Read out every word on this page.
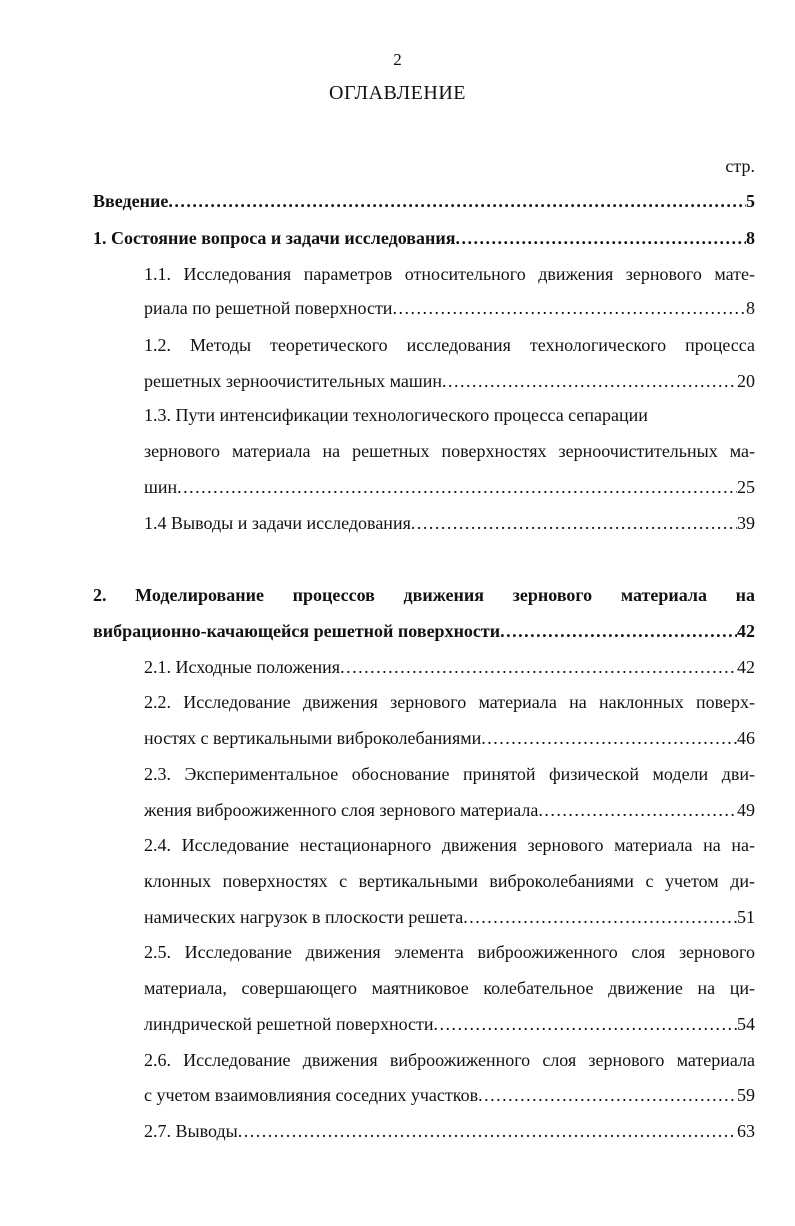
2
ОГЛАВЛЕНИЕ
стр.
Введение . . .	5
1. Состояние вопроса и задачи исследования . . .	8
1.1. Исследования параметров относительного движения зернового мате-
риала по решетной поверхности . . .	8
1.2. Методы теоретического исследования технологического процесса
решетных зерноочистительных машин . . .	20
1.3. Пути интенсификации технологического процесса сепарации
зернового материала на решетных поверхностях зерноочистительных ма-
шин . . .	25
1.4 Выводы и задачи исследования . . .	39
2. Моделирование процессов движения зернового материала на
вибрационно-качающейся решетной поверхности . . .	42
2.1. Исходные положения . . .	42
2.2. Исследование движения зернового материала на наклонных поверх-
ностях с вертикальными виброколебаниями . . .	46
2.3. Экспериментальное обоснование принятой физической модели дви-
жения виброожиженного слоя зернового материала . . .	49
2.4. Исследование нестационарного движения зернового материала на на-
клонных поверхностях с вертикальными виброколебаниями с учетом ди-
намических нагрузок в плоскости решета . . .	51
2.5. Исследование движения элемента виброожиженного слоя зернового
материала, совершающего маятниковое колебательное движение на ци-
линдрической решетной поверхности . . .	54
2.6. Исследование движения виброожиженного слоя зернового материала
с учетом взаимовлияния соседних участков . . .	59
2.7. Выводы . . .	63
